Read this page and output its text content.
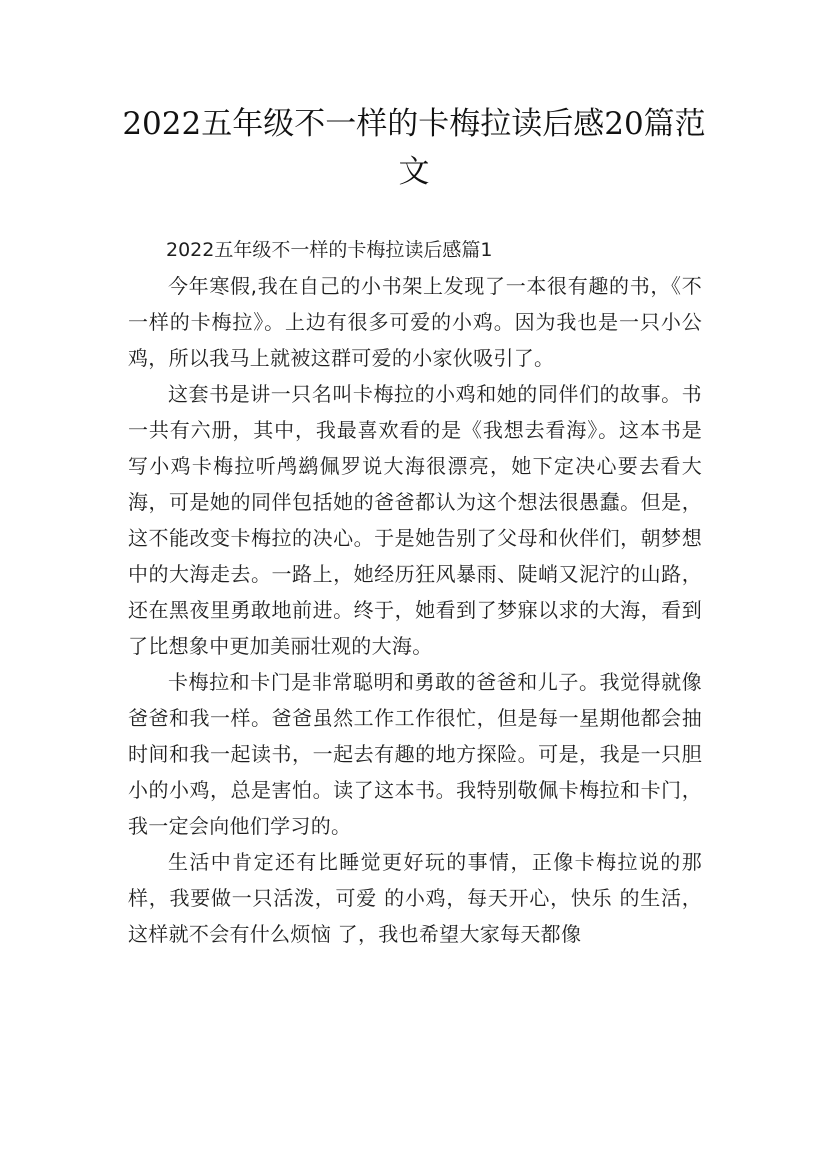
2022五年级不一样的卡梅拉读后感20篇范文

2022五年级不一样的卡梅拉读后感篇1

今年寒假,我在自己的小书架上发现了一本很有趣的书，《不一样的卡梅拉》。上边有很多可爱的小鸡。因为我也是一只小公鸡，所以我马上就被这群可爱的小家伙吸引了。

这套书是讲一只名叫卡梅拉的小鸡和她的同伴们的故事。书一共有六册，其中，我最喜欢看的是《我想去看海》。这本书是写小鸡卡梅拉听鸬鹚佩罗说大海很漂亮，她下定决心要去看大海，可是她的同伴包括她的爸爸都认为这个想法很愚蠢。但是，这不能改变卡梅拉的决心。于是她告别了父母和伙伴们，朝梦想中的大海走去。一路上，她经历狂风暴雨、陡峭又泥泞的山路，还在黑夜里勇敢地前进。终于，她看到了梦寐以求的大海，看到了比想象中更加美丽壮观的大海。

卡梅拉和卡门是非常聪明和勇敢的爸爸和儿子。我觉得就像爸爸和我一样。爸爸虽然工作工作很忙，但是每一星期他都会抽时间和我一起读书，一起去有趣的地方探险。可是，我是一只胆小的小鸡，总是害怕。读了这本书。我特别敬佩卡梅拉和卡门，我一定会向他们学习的。

生活中肯定还有比睡觉更好玩的事情，正像卡梅拉说的那样，我要做一只活泼，可爱 的小鸡，每天开心，快乐 的生活，这样就不会有什么烦恼 了，我也希望大家每天都像
